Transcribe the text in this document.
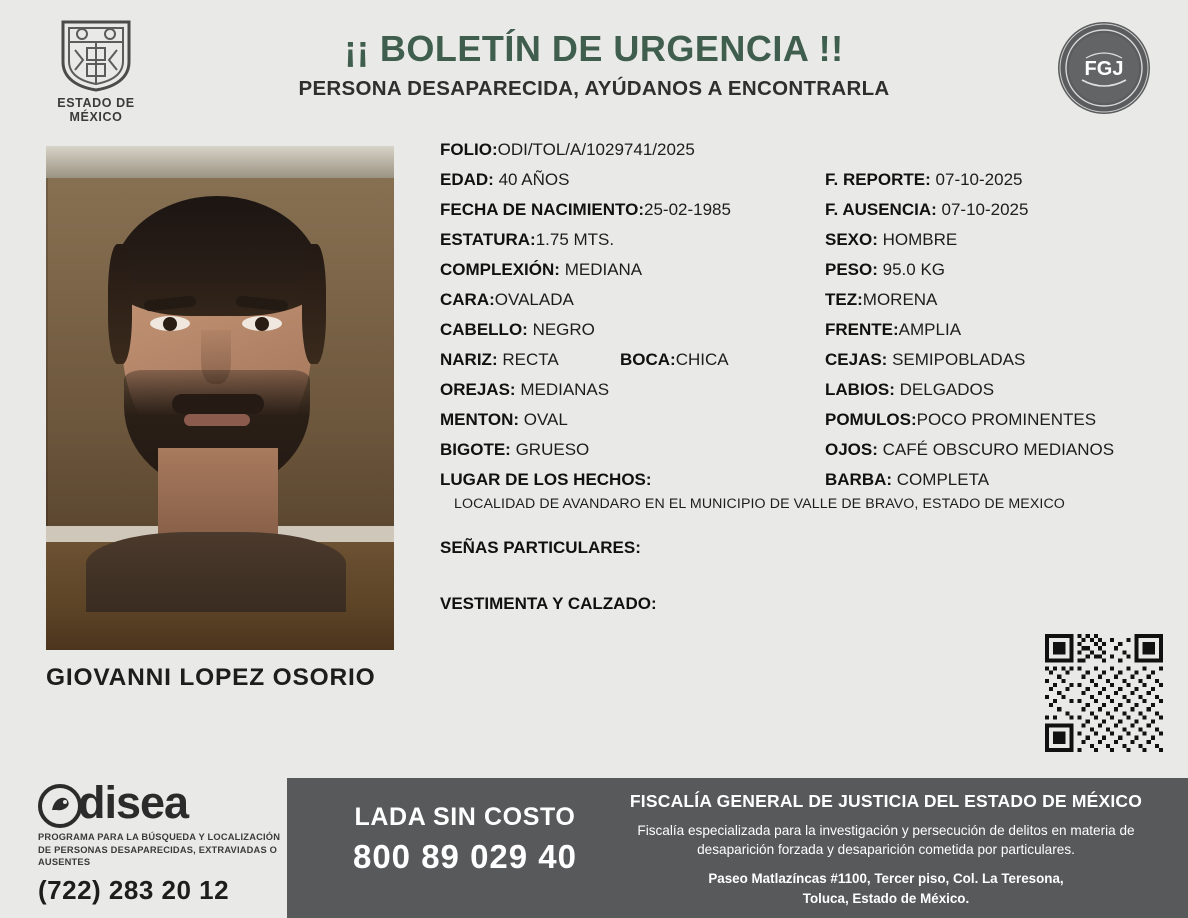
ESTADO DE MÉXICO
¡¡ BOLETÍN DE URGENCIA !!
PERSONA DESAPARECIDA, AYÚDANOS A ENCONTRARLA
FGJ
GIOVANNI LOPEZ OSORIO
FOLIO:ODI/TOL/A/1029741/2025
EDAD: 40 AÑOS	F. REPORTE: 07-10-2025
FECHA DE NACIMIENTO:25-02-1985	F. AUSENCIA: 07-10-2025
ESTATURA:1.75 MTS.	SEXO: HOMBRE
COMPLEXIÓN: MEDIANA	PESO: 95.0 KG
CARA:OVALADA	TEZ:MORENA
CABELLO: NEGRO	FRENTE:AMPLIA
NARIZ: RECTA	BOCA:CHICA	CEJAS: SEMIPOBLADAS
OREJAS: MEDIANAS	LABIOS: DELGADOS
MENTON: OVAL	POMULOS:POCO PROMINENTES
BIGOTE: GRUESO	OJOS: CAFÉ OBSCURO MEDIANOS
LUGAR DE LOS HECHOS:	BARBA: COMPLETA
LOCALIDAD DE AVANDARO EN EL MUNICIPIO DE VALLE DE BRAVO, ESTADO DE MEXICO
SEÑAS PARTICULARES:
VESTIMENTA Y CALZADO:
disea
PROGRAMA PARA LA BÚSQUEDA Y LOCALIZACIÓN
DE PERSONAS DESAPARECIDAS, EXTRAVIADAS O
AUSENTES
(722) 283 20 12
LADA SIN COSTO
800 89 029 40
FISCALÍA GENERAL DE JUSTICIA DEL ESTADO DE MÉXICO
Fiscalía especializada para la investigación y persecución de delitos en materia de desaparición forzada y desaparición cometida por particulares.
Paseo Matlazíncas #1100, Tercer piso, Col. La Teresona,
Toluca, Estado de México.
